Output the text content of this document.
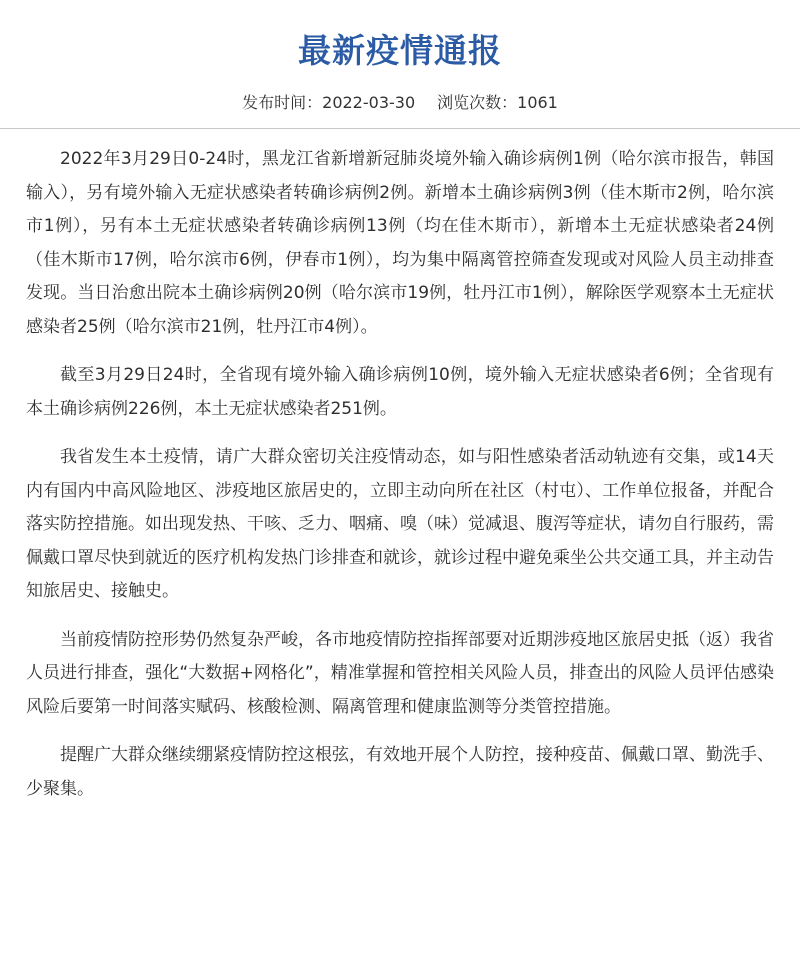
最新疫情通报
发布时间：2022-03-30 浏览次数：1061

2022年3月29日0-24时，黑龙江省新增新冠肺炎境外输入确诊病例1例（哈尔滨市报告，韩国输入），另有境外输入无症状感染者转确诊病例2例。新增本土确诊病例3例（佳木斯市2例，哈尔滨市1例），另有本土无症状感染者转确诊病例13例（均在佳木斯市），新增本土无症状感染者24例（佳木斯市17例，哈尔滨市6例，伊春市1例），均为集中隔离管控筛查发现或对风险人员主动排查发现。当日治愈出院本土确诊病例20例（哈尔滨市19例，牡丹江市1例），解除医学观察本土无症状感染者25例（哈尔滨市21例，牡丹江市4例）。

截至3月29日24时，全省现有境外输入确诊病例10例，境外输入无症状感染者6例；全省现有本土确诊病例226例，本土无症状感染者251例。

我省发生本土疫情，请广大群众密切关注疫情动态，如与阳性感染者活动轨迹有交集，或14天内有国内中高风险地区、涉疫地区旅居史的，立即主动向所在社区（村屯）、工作单位报备，并配合落实防控措施。如出现发热、干咳、乏力、咽痛、嗅（味）觉减退、腹泻等症状，请勿自行服药，需佩戴口罩尽快到就近的医疗机构发热门诊排查和就诊，就诊过程中避免乘坐公共交通工具，并主动告知旅居史、接触史。

当前疫情防控形势仍然复杂严峻，各市地疫情防控指挥部要对近期涉疫地区旅居史抵（返）我省人员进行排查，强化“大数据+网格化”，精准掌握和管控相关风险人员，排查出的风险人员评估感染风险后要第一时间落实赋码、核酸检测、隔离管理和健康监测等分类管控措施。

提醒广大群众继续绷紧疫情防控这根弦，有效地开展个人防控，接种疫苗、佩戴口罩、勤洗手、少聚集。
